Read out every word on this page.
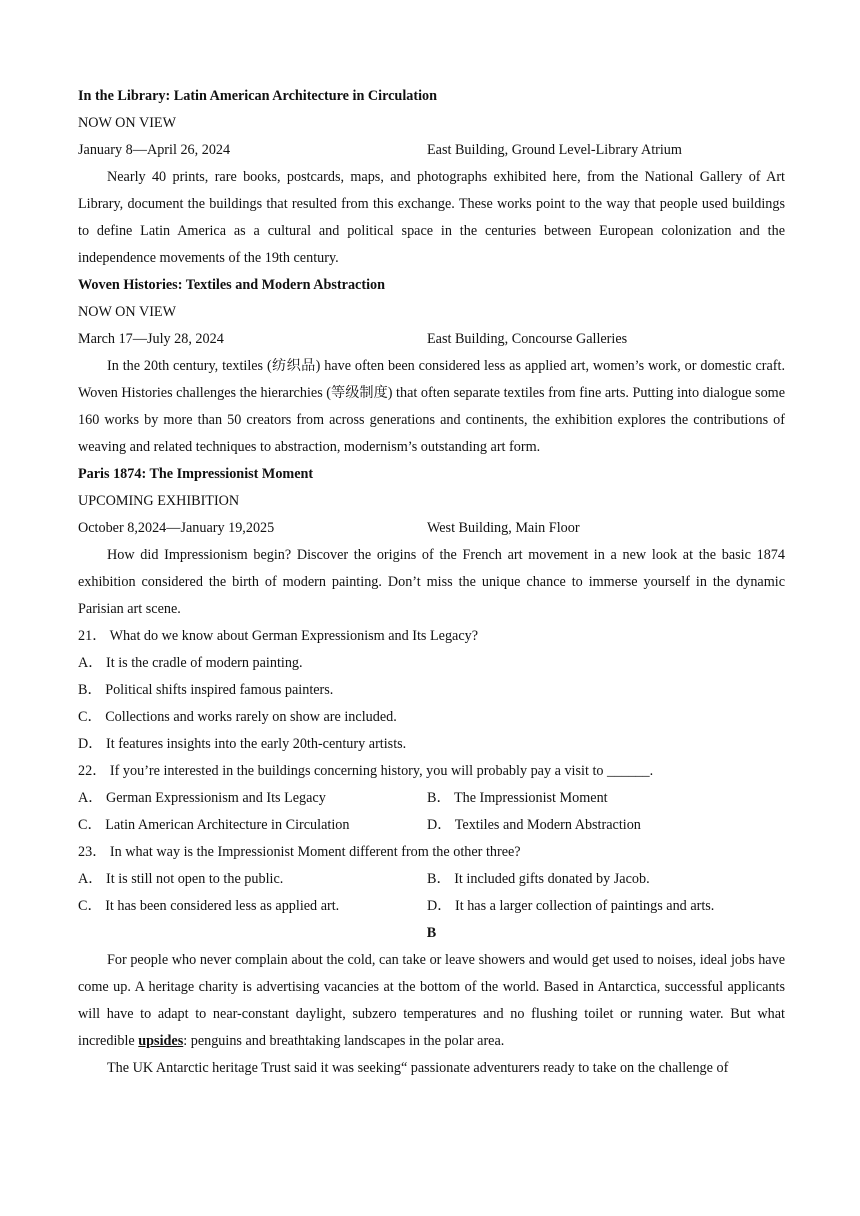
In the Library: Latin American Architecture in Circulation

NOW ON VIEW

January 8—April 26, 2024	East Building, Ground Level-Library Atrium

Nearly 40 prints, rare books, postcards, maps, and photographs exhibited here, from the National Gallery of Art Library, document the buildings that resulted from this exchange. These works point to the way that people used buildings to define Latin America as a cultural and political space in the centuries between European colonization and the independence movements of the 19th century.

Woven Histories: Textiles and Modern Abstraction

NOW ON VIEW

March 17—July 28, 2024	East Building, Concourse Galleries

In the 20th century, textiles (纺织品) have often been considered less as applied art, women’s work, or domestic craft. Woven Histories challenges the hierarchies (等级制度) that often separate textiles from fine arts. Putting into dialogue some 160 works by more than 50 creators from across generations and continents, the exhibition explores the contributions of weaving and related techniques to abstraction, modernism’s outstanding art form.

Paris 1874: The Impressionist Moment

UPCOMING EXHIBITION

October 8,2024—January 19,2025	West Building, Main Floor

How did Impressionism begin? Discover the origins of the French art movement in a new look at the basic 1874 exhibition considered the birth of modern painting. Don’t miss the unique chance to immerse yourself in the dynamic Parisian art scene.

21． What do we know about German Expressionism and Its Legacy?

A． It is the cradle of modern painting.

B． Political shifts inspired famous painters.

C． Collections and works rarely on show are included.

D． It features insights into the early 20th-century artists.

22． If you’re interested in the buildings concerning history, you will probably pay a visit to ______.

A． German Expressionism and Its Legacy	B． The Impressionist Moment
C． Latin American Architecture in Circulation	D． Textiles and Modern Abstraction

23． In what way is the Impressionist Moment different from the other three?

A． It is still not open to the public.	B． It included gifts donated by Jacob.
C． It has been considered less as applied art.	D． It has a larger collection of paintings and arts.

B

For people who never complain about the cold, can take or leave showers and would get used to noises, ideal jobs have come up. A heritage charity is advertising vacancies at the bottom of the world. Based in Antarctica, successful applicants will have to adapt to near-constant daylight, subzero temperatures and no flushing toilet or running water. But what incredible upsides: penguins and breathtaking landscapes in the polar area.

The UK Antarctic heritage Trust said it was seeking“ passionate adventurers ready to take on the challenge of
